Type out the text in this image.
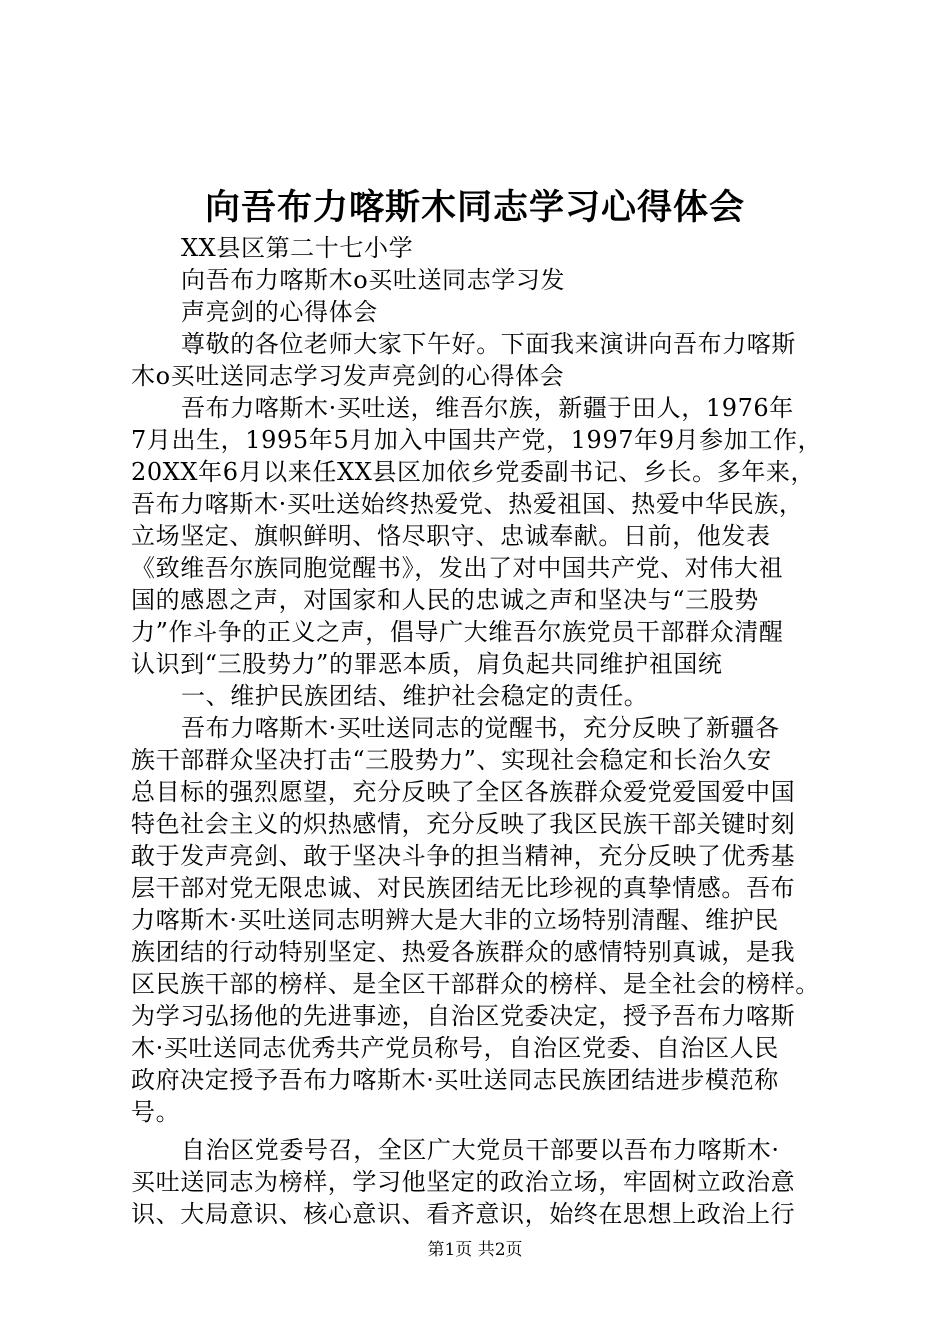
向吾布力喀斯木同志学习心得体会
XX县区第二十七小学
向吾布力喀斯木o买吐送同志学习发
声亮剑的心得体会
尊敬的各位老师大家下午好。下面我来演讲向吾布力喀斯
木o买吐送同志学习发声亮剑的心得体会
吾布力喀斯木·买吐送，维吾尔族，新疆于田人，1976年
7月出生，1995年5月加入中国共产党，1997年9月参加工作，
20XX年6月以来任XX县区加依乡党委副书记、乡长。多年来，
吾布力喀斯木·买吐送始终热爱党、热爱祖国、热爱中华民族，
立场坚定、旗帜鲜明、恪尽职守、忠诚奉献。日前，他发表
《致维吾尔族同胞觉醒书》，发出了对中国共产党、对伟大祖
国的感恩之声，对国家和人民的忠诚之声和坚决与“三股势
力”作斗争的正义之声，倡导广大维吾尔族党员干部群众清醒
认识到“三股势力”的罪恶本质，肩负起共同维护祖国统
一、维护民族团结、维护社会稳定的责任。
吾布力喀斯木·买吐送同志的觉醒书，充分反映了新疆各
族干部群众坚决打击“三股势力”、实现社会稳定和长治久安
总目标的强烈愿望，充分反映了全区各族群众爱党爱国爱中国
特色社会主义的炽热感情，充分反映了我区民族干部关键时刻
敢于发声亮剑、敢于坚决斗争的担当精神，充分反映了优秀基
层干部对党无限忠诚、对民族团结无比珍视的真挚情感。吾布
力喀斯木·买吐送同志明辨大是大非的立场特别清醒、维护民
族团结的行动特别坚定、热爱各族群众的感情特别真诚，是我
区民族干部的榜样、是全区干部群众的榜样、是全社会的榜样。
为学习弘扬他的先进事迹，自治区党委决定，授予吾布力喀斯
木·买吐送同志优秀共产党员称号，自治区党委、自治区人民
政府决定授予吾布力喀斯木·买吐送同志民族团结进步模范称
号。
自治区党委号召，全区广大党员干部要以吾布力喀斯木·
买吐送同志为榜样，学习他坚定的政治立场，牢固树立政治意
识、大局意识、核心意识、看齐意识，始终在思想上政治上行
第1页 共2页
